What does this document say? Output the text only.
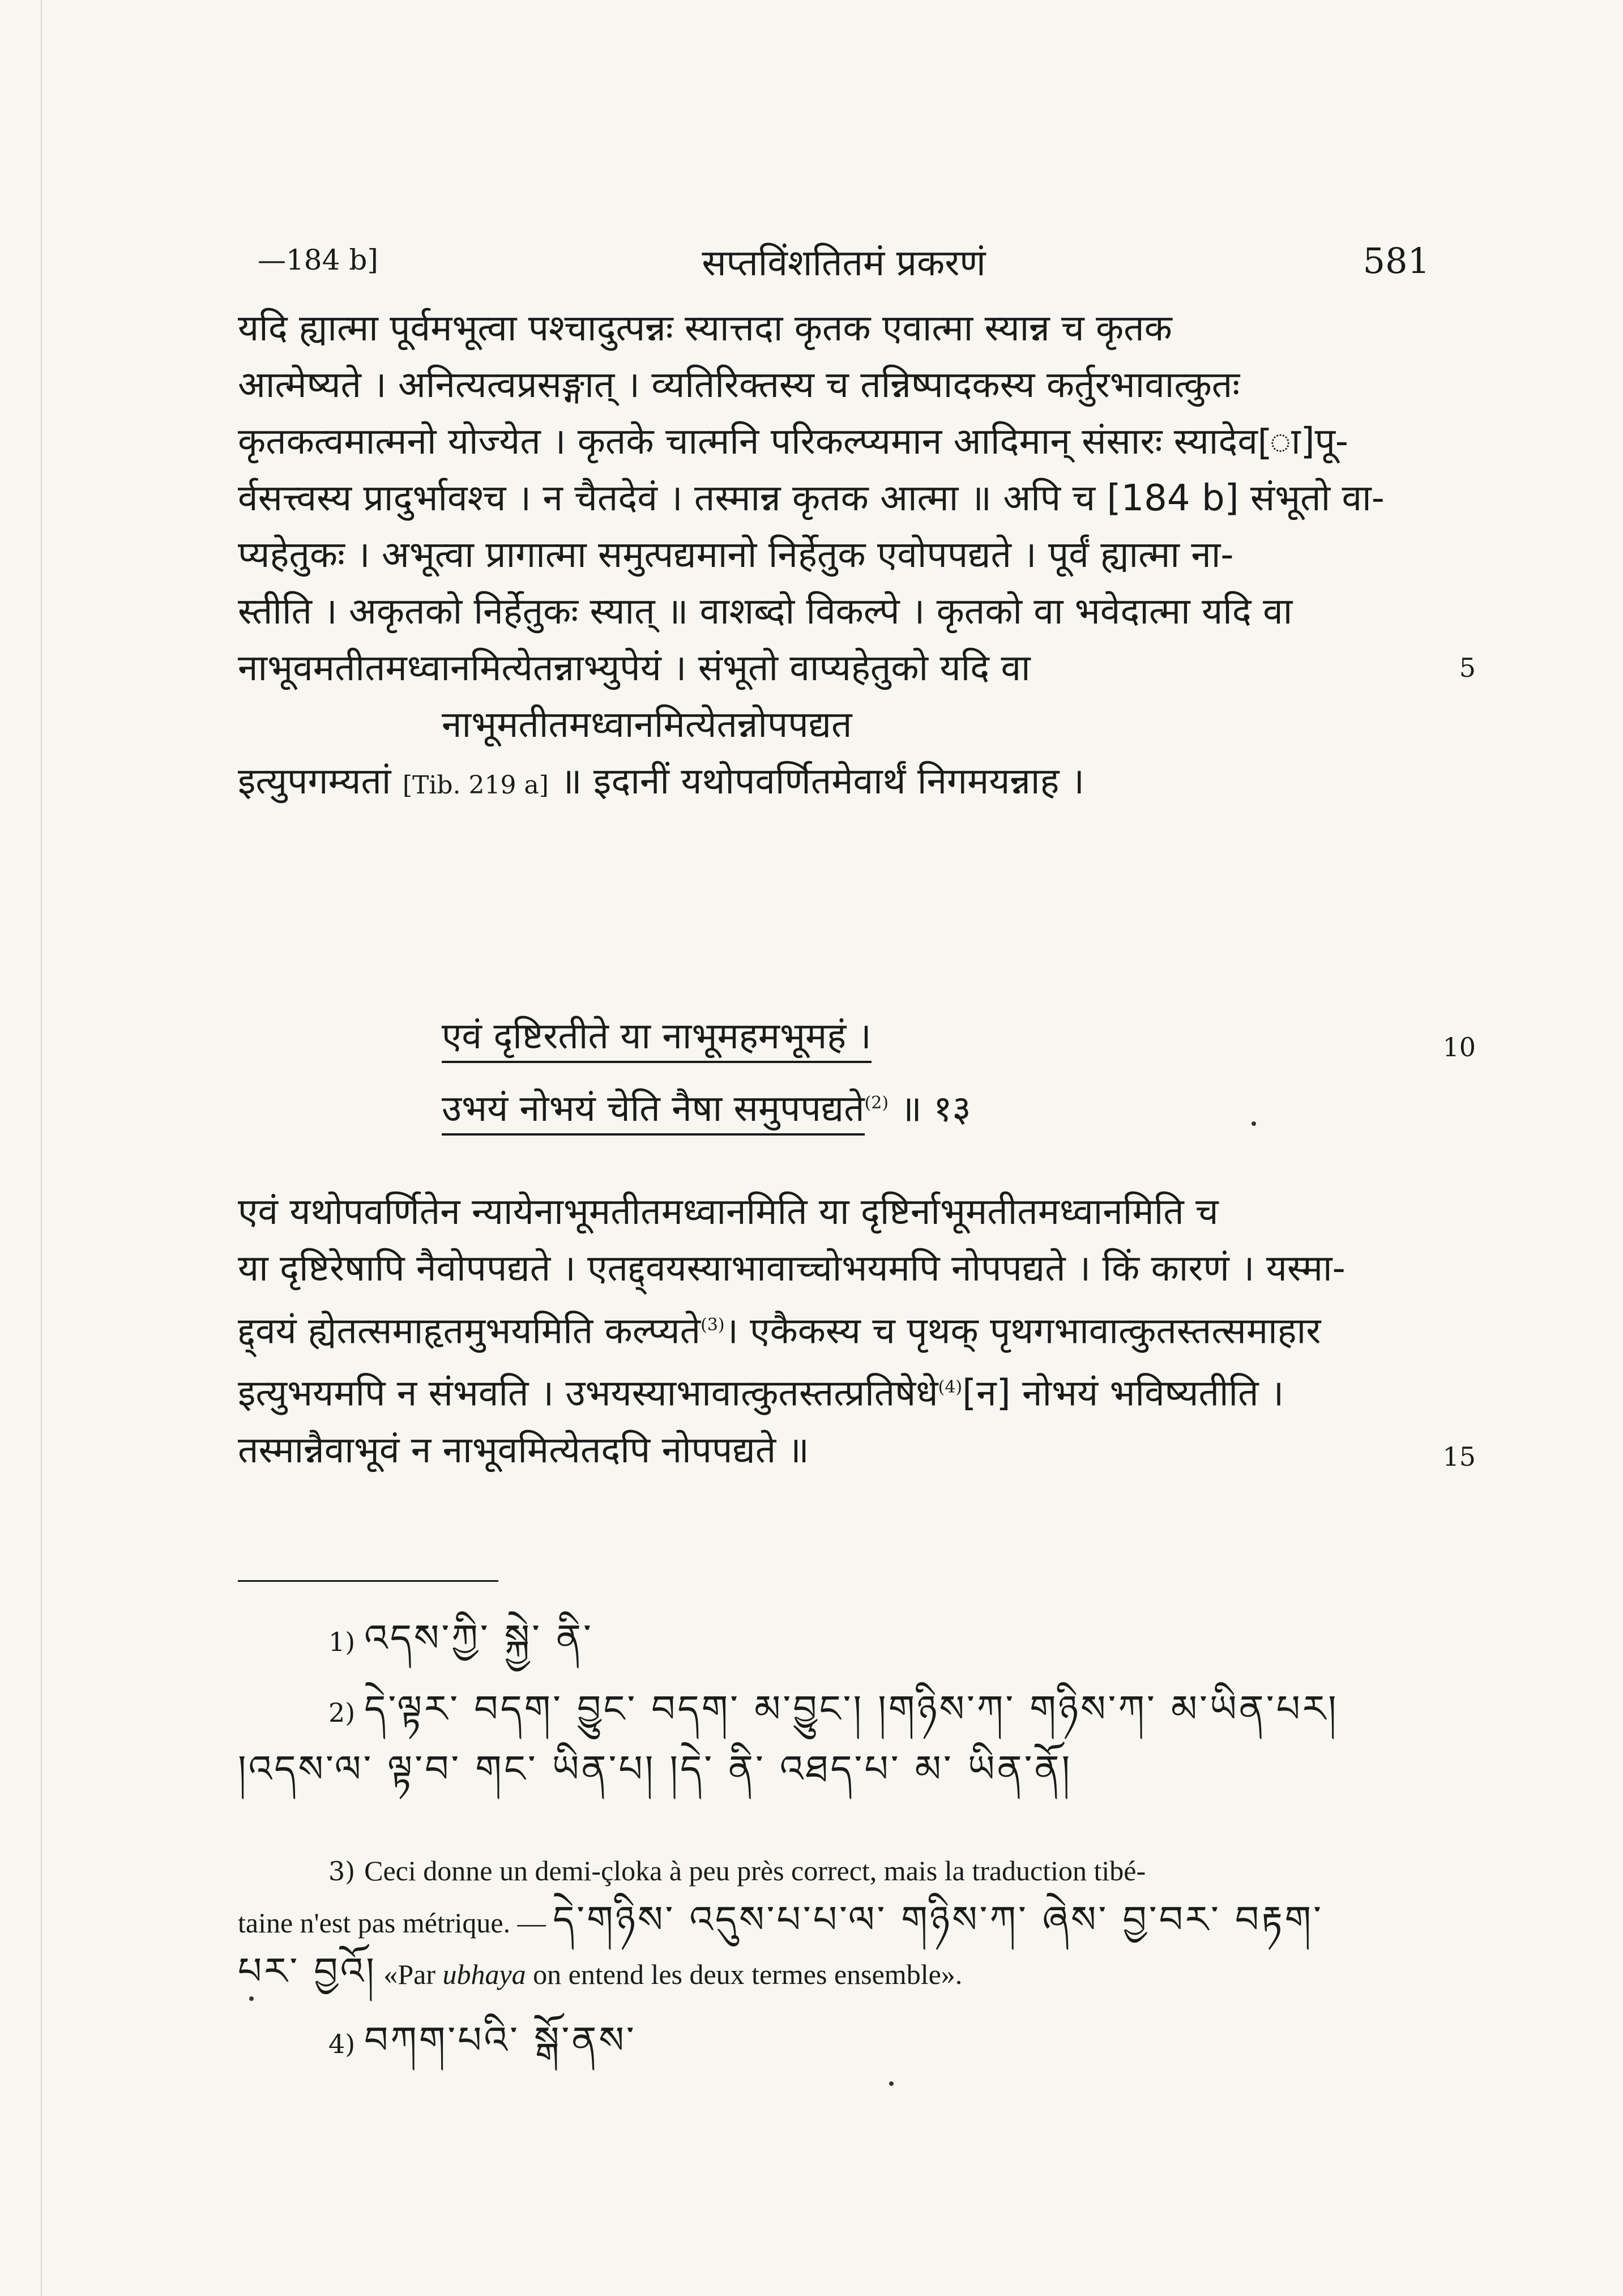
—184 b]	सप्तविंशतितमं प्रकरणं	581
यदि ह्यात्मा पूर्वमभूत्वा पश्चादुत्पन्नः स्यात्तदा कृतक एवात्मा स्यान्न च कृतक
आत्मेष्यते । अनित्यत्वप्रसङ्गात् । व्यतिरिक्तस्य च तन्निष्पादकस्य कर्तुरभावात्कुतः
कृतकत्वमात्मनो योज्येत । कृतके चात्मनि परिकल्प्यमान आदिमान् संसारः स्यादेव[ा]पू-
र्वसत्त्वस्य प्रादुर्भावश्च । न चैतदेवं । तस्मान्न कृतक आत्मा ॥ अपि च [184 b] संभूतो वा-
प्यहेतुकः । अभूत्वा प्रागात्मा समुत्पद्यमानो निर्हेतुक एवोपपद्यते । पूर्वं ह्यात्मा ना-
स्तीति । अकृतको निर्हेतुकः स्यात् ॥ वाशब्दो विकल्पे । कृतको वा भवेदात्मा यदि वा
नाभूवमतीतमध्वानमित्येतन्नाभ्युपेयं । संभूतो वाप्यहेतुको यदि वा
नाभूमतीतमध्वानमित्येतन्नोपपद्यत
इत्युपगम्यतां [Tib. 219 a] ॥ इदानीं यथोपवर्णितमेवार्थं निगमयन्नाह ।
5
एवं दृष्टिरतीते या नाभूमहमभूमहं ।
उभयं नोभयं चेति नैषा समुपपद्यते$^{(2)}$ ॥ १३
10
एवं यथोपवर्णितेन न्यायेनाभूमतीतमध्वानमिति या दृष्टिर्नाभूमतीतमध्वानमिति च
या दृष्टिरेषापि नैवोपपद्यते । एतद्द्वयस्याभावाच्चोभयमपि नोपपद्यते । किं कारणं । यस्मा-
द्द्वयं ह्येतत्समाहृतमुभयमिति कल्प्यते$^{(3)}$। एकैकस्य च पृथक् पृथगभावात्कुतस्तत्समाहार
इत्युभयमपि न संभवति । उभयस्याभावात्कुतस्तत्प्रतिषेधे$^{(4)}$[न] नोभयं भविष्यतीति ।
तस्मान्नैवाभूवं न नाभूवमित्येतदपि नोपपद्यते ॥	15
1) འདས་ཀྱི་ སྐྱེ་ ནི་
2) དེ་ལྟར་ བདག་ བྱུང་ བདག་ མ་བྱུང་། །གཉིས་ཀ་ གཉིས་ཀ་ མ་ཡིན་པར།
།འདས་ལ་ ལྟ་བ་ གང་ ཡིན་པ། །དེ་ ནི་ འཐད་པ་ མ་ ཡིན་ནོ།
3) Ceci donne un demi-çloka à peu près correct, mais la traduction tibé-
taine n'est pas métrique. — དེ་གཉིས་ འདུས་པ་པ་ལ་ གཉིས་ཀ་ ཞེས་ བྱ་བར་ བརྟག་
པར་ བྱའོ། «Par ubhaya on entend les deux termes ensemble».
4) བཀག་པའི་ སྒོ་ནས་
